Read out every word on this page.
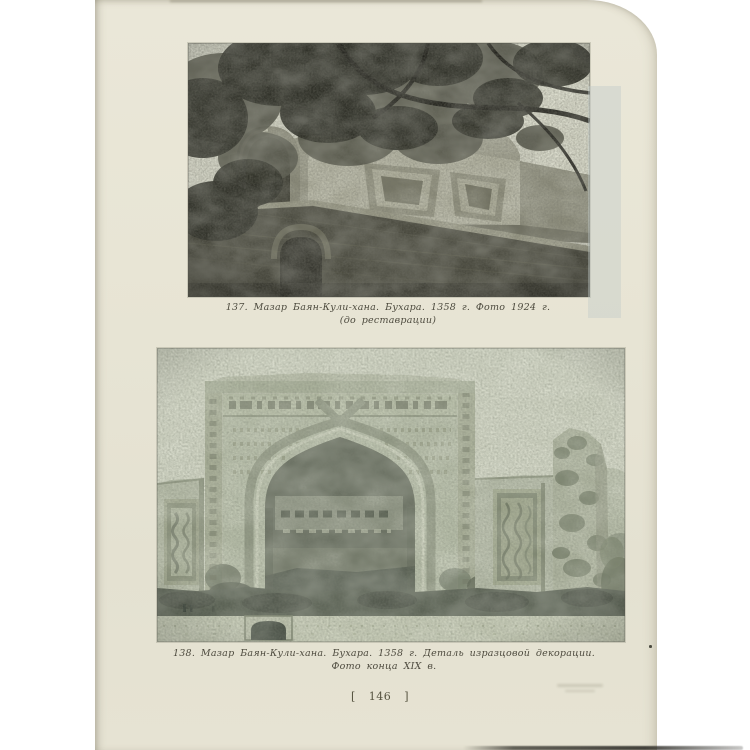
137. Мазар Баян-Кули-хана. Бухара. 1358 г. Фото 1924 г.
(до реставрации)
138. Мазар Баян-Кули-хана. Бухара. 1358 г. Деталь изразцовой декорации.
Фото конца XIX в.
[ 146 ]
